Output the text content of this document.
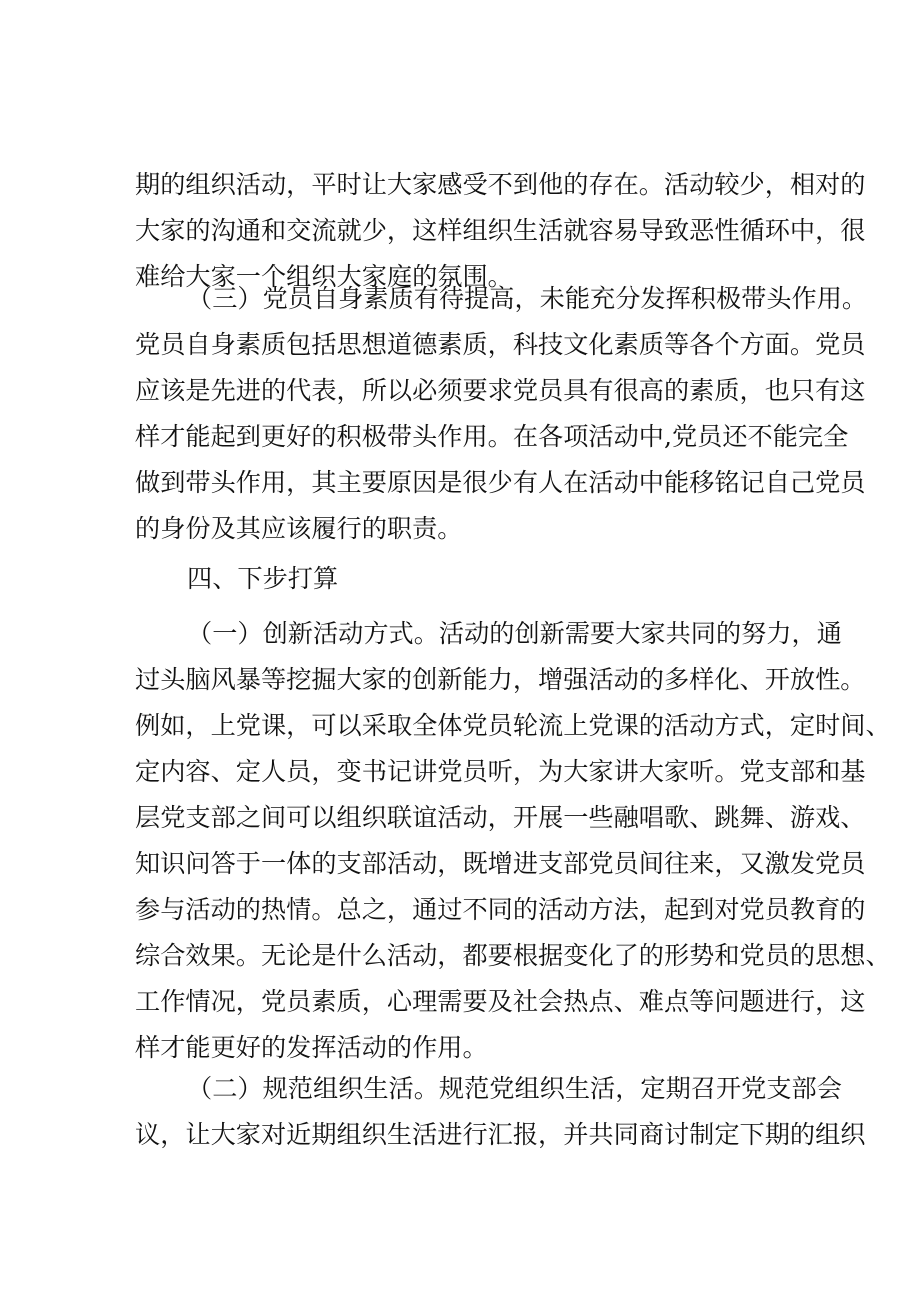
期的组织活动，平时让大家感受不到他的存在。活动较少，相对的
大家的沟通和交流就少，这样组织生活就容易导致恶性循环中，很
难给大家一个组织大家庭的氛围。
（三）党员自身素质有待提高，未能充分发挥积极带头作用。
党员自身素质包括思想道德素质，科技文化素质等各个方面。党员
应该是先进的代表，所以必须要求党员具有很高的素质，也只有这
样才能起到更好的积极带头作用。在各项活动中,党员还不能完全
做到带头作用，其主要原因是很少有人在活动中能移铭记自己党员
的身份及其应该履行的职责。
四、下步打算
（一）创新活动方式。活动的创新需要大家共同的努力，通
过头脑风暴等挖掘大家的创新能力，增强活动的多样化、开放性。
例如，上党课，可以采取全体党员轮流上党课的活动方式，定时间、
定内容、定人员，变书记讲党员听，为大家讲大家听。党支部和基
层党支部之间可以组织联谊活动，开展一些融唱歌、跳舞、游戏、
知识问答于一体的支部活动，既增进支部党员间往来，又激发党员
参与活动的热情。总之，通过不同的活动方法，起到对党员教育的
综合效果。无论是什么活动，都要根据变化了的形势和党员的思想、
工作情况，党员素质，心理需要及社会热点、难点等问题进行，这
样才能更好的发挥活动的作用。
（二）规范组织生活。规范党组织生活，定期召开党支部会
议，让大家对近期组织生活进行汇报，并共同商讨制定下期的组织
